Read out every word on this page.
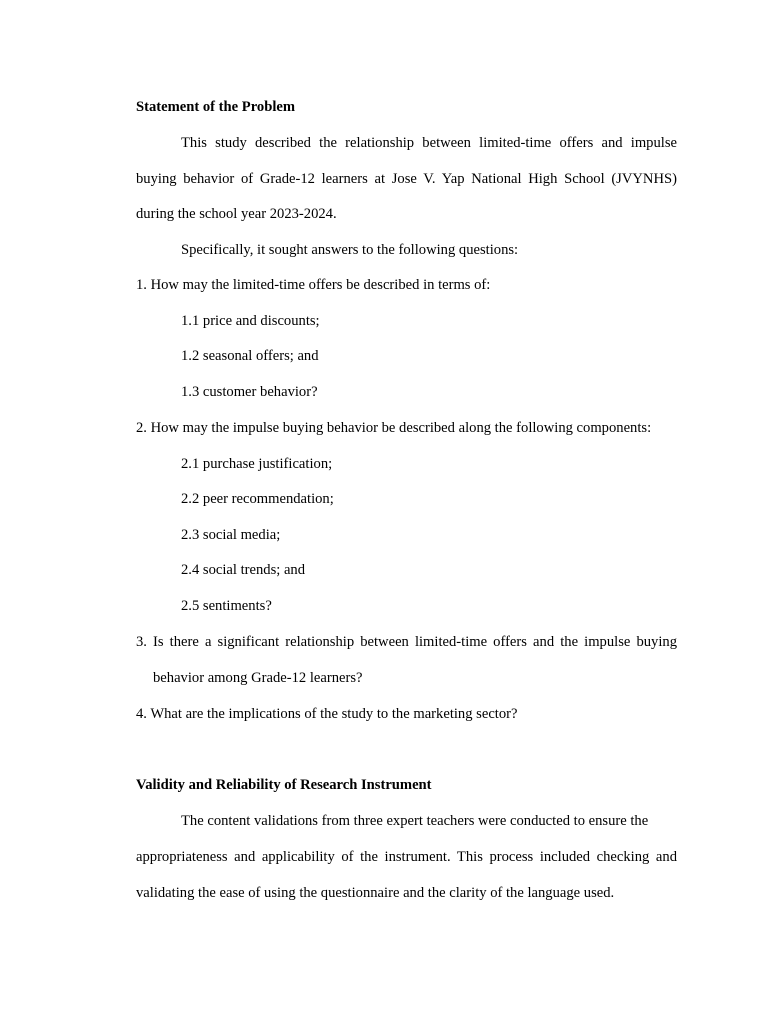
Statement of the Problem
This study described the relationship between limited-time offers and impulse
buying behavior of Grade-12 learners at Jose V. Yap National High School (JVYNHS)
during the school year 2023-2024.
Specifically, it sought answers to the following questions:
1. How may the limited-time offers be described in terms of:
1.1 price and discounts;
1.2 seasonal offers; and
1.3 customer behavior?
2. How may the impulse buying behavior be described along the following components:
2.1 purchase justification;
2.2 peer recommendation;
2.3 social media;
2.4 social trends; and
2.5 sentiments?
3. Is there a significant relationship between limited-time offers and the impulse buying
behavior among Grade-12 learners?
4. What are the implications of the study to the marketing sector?
Validity and Reliability of Research Instrument
The content validations from three expert teachers were conducted to ensure the
appropriateness and applicability of the instrument. This process included checking and
validating the ease of using the questionnaire and the clarity of the language used.
